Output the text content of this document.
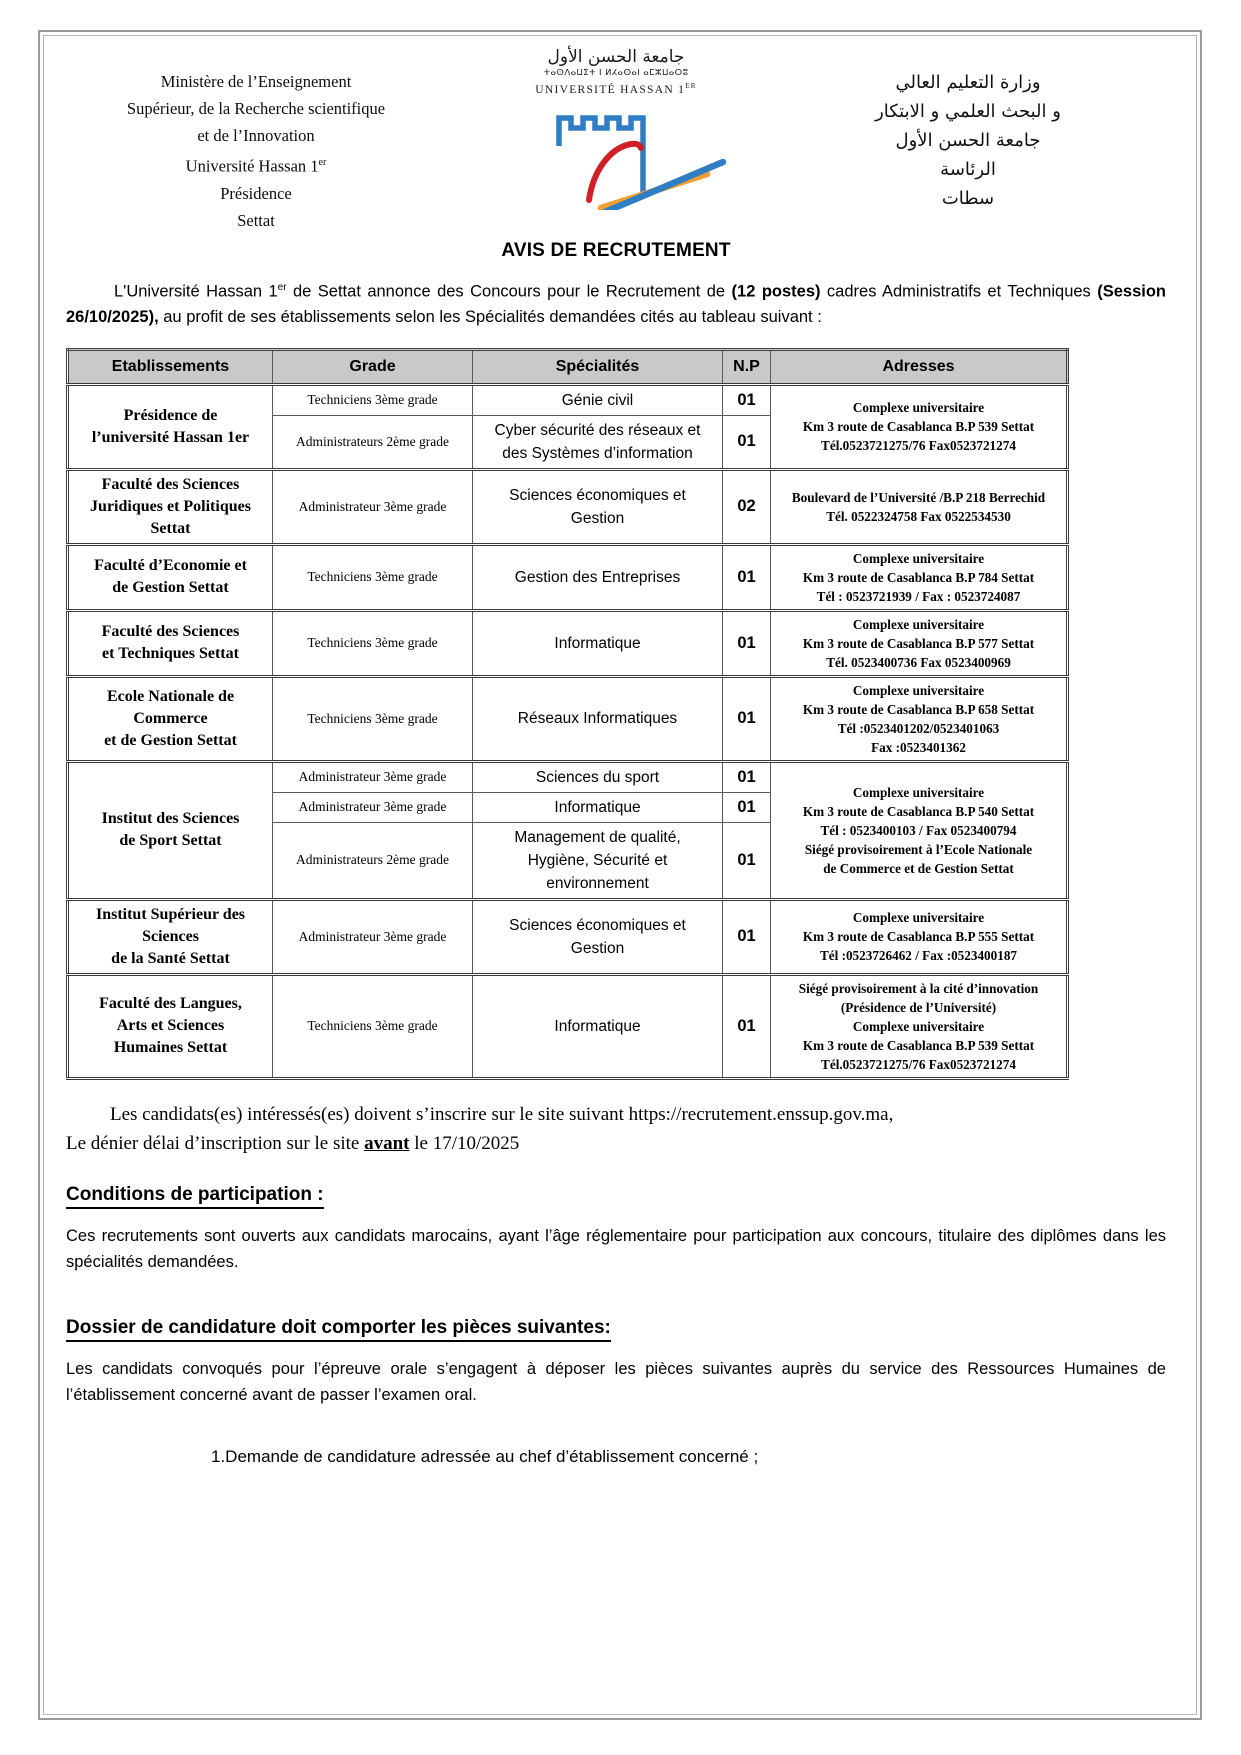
Ministère de l’Enseignement
Supérieur, de la Recherche scientifique
et de l’Innovation
Université Hassan 1er
Présidence
Settat
جامعة الحسن الأول
ⵜⴰⵙⴷⴰⵡⵉⵜ ⵏ ⵍⵃⴰⵙⴰⵏ ⴰⵎⵣⵡⴰⵔⵓ
UNIVERSITÉ HASSAN 1ER	وزارة التعليم العالي
و البحث العلمي و الابتكار
جامعة الحسن الأول
الرئاسة
سطات
AVIS DE RECRUTEMENT

L'Université Hassan 1er de Settat annonce des Concours pour le Recrutement de (12 postes) cadres Administratifs et Techniques (Session 26/10/2025), au profit de ses établissements selon les Spécialités demandées cités au tableau suivant :

Etablissements	Grade	Spécialités	N.P	Adresses
Présidence de
l’université Hassan 1er	Techniciens 3ème grade	Génie civil	01	Complexe universitaire
Km 3 route de Casablanca B.P 539 Settat
Tél.0523721275/76 Fax0523721274
	Administrateurs 2ème grade	Cyber sécurité des réseaux et
des Systèmes d’information	01	
Faculté des Sciences
Juridiques et Politiques
Settat	Administrateur 3ème grade	Sciences économiques et
Gestion	02	Boulevard de l’Université /B.P 218 Berrechid
Tél. 0522324758 Fax 0522534530
Faculté d’Economie et
de Gestion Settat	Techniciens 3ème grade	Gestion des Entreprises	01	Complexe universitaire
Km 3 route de Casablanca B.P 784 Settat
Tél : 0523721939 / Fax : 0523724087
Faculté des Sciences
et Techniques Settat	Techniciens 3ème grade	Informatique	01	Complexe universitaire
Km 3 route de Casablanca B.P 577 Settat
Tél. 0523400736 Fax 0523400969
Ecole Nationale de
Commerce
et de Gestion Settat	Techniciens 3ème grade	Réseaux Informatiques	01	Complexe universitaire
Km 3 route de Casablanca B.P 658 Settat
Tél :0523401202/0523401063
Fax :0523401362
Institut des Sciences
de Sport Settat	Administrateur 3ème grade	Sciences du sport	01	Complexe universitaire
Km 3 route de Casablanca B.P 540 Settat
Tél : 0523400103 / Fax 0523400794
Siégé provisoirement à l’Ecole Nationale
de Commerce et de Gestion Settat
	Administrateur 3ème grade	Informatique	01	
	Administrateurs 2ème grade	Management de qualité,
Hygiène, Sécurité et
environnement	01	
Institut Supérieur des
Sciences
de la Santé Settat	Administrateur 3ème grade	Sciences économiques et
Gestion	01	Complexe universitaire
Km 3 route de Casablanca B.P 555 Settat
Tél :0523726462 / Fax :0523400187
Faculté des Langues,
Arts et Sciences
Humaines Settat	Techniciens 3ème grade	Informatique	01	Siégé provisoirement à la cité d’innovation
(Présidence de l’Université)
Complexe universitaire
Km 3 route de Casablanca B.P 539 Settat
Tél.0523721275/76 Fax0523721274
Les candidats(es) intéressés(es) doivent s’inscrire sur le site suivant https://recrutement.enssup.gov.ma,
Le dénier délai d’inscription sur le site avant le 17/10/2025
Conditions de participation :

Ces recrutements sont ouverts aux candidats marocains, ayant l’âge réglementaire pour participation aux concours, titulaire des diplômes dans les spécialités demandées.

Dossier de candidature doit comporter les pièces suivantes:

Les candidats convoqués pour l’épreuve orale s’engagent à déposer les pièces suivantes auprès du service des Ressources Humaines de l’établissement concerné avant de passer l’examen oral.

1.Demande de candidature adressée au chef d’établissement concerné ;
